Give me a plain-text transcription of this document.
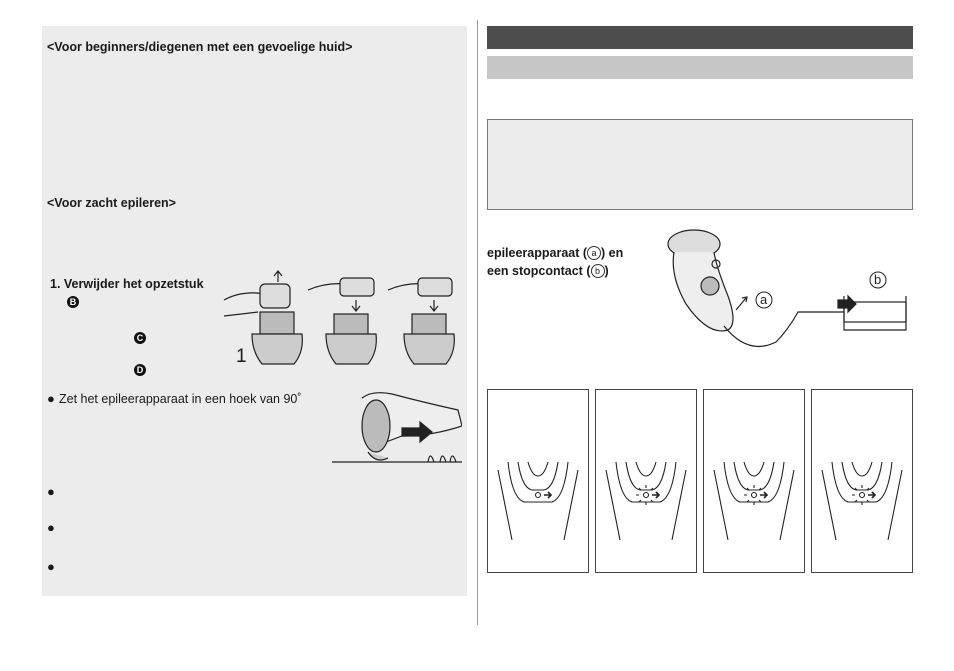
<Voor beginners/diegenen met een gevoelige huid>
<Voor zacht epileren>
1. Verwijder het opzetstuk
B
C
D
1
● Zet het epileerapparaat in een hoek van 90˚
●
●
●
epileerapparaat ( a ) en
een stopcontact ( b )
a
b
